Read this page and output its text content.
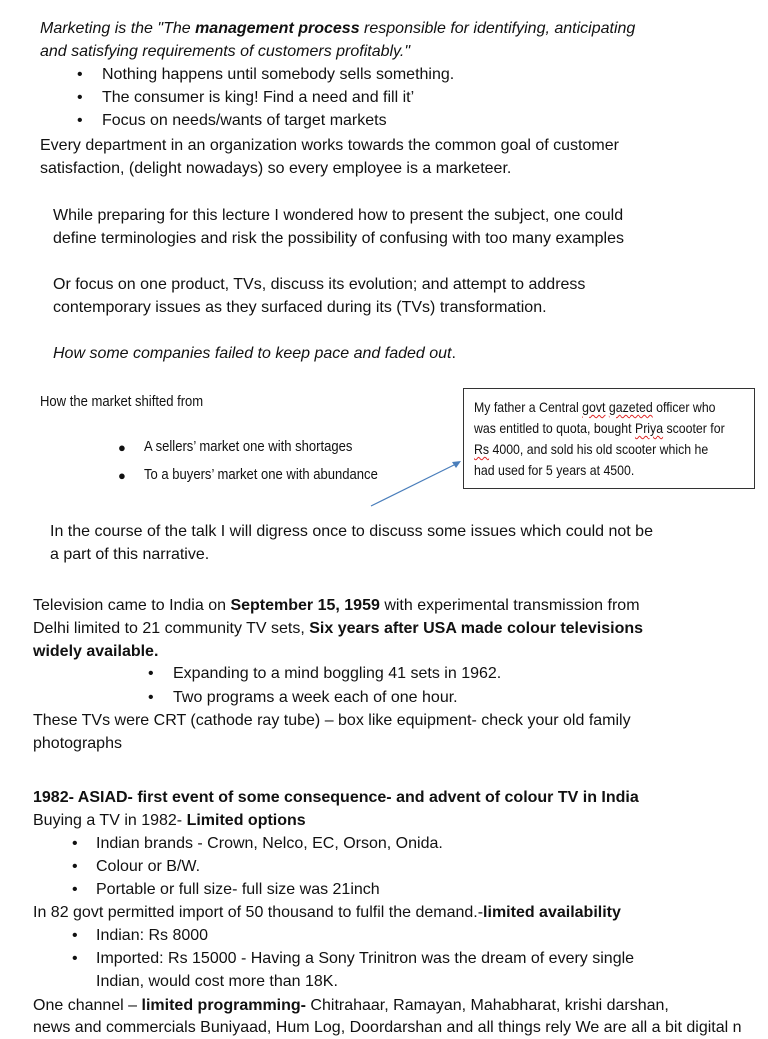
Marketing is the "The management process responsible for identifying, anticipating
and satisfying requirements of customers profitably."
• Nothing happens until somebody sells something.
• The consumer is king! Find a need and fill it’
• Focus on needs/wants of target markets
Every department in an organization works towards the common goal of customer
satisfaction, (delight nowadays) so every employee is a marketeer.
While preparing for this lecture I wondered how to present the subject, one could
define terminologies and risk the possibility of confusing with too many examples
Or focus on one product, TVs, discuss its evolution; and attempt to address
contemporary issues as they surfaced during its (TVs) transformation.
How some companies failed to keep pace and faded out.
How the market shifted from
● A sellers’ market one with shortages
● To a buyers’ market one with abundance
My father a Central govt gazeted officer who
was entitled to quota, bought Priya scooter for
Rs 4000, and sold his old scooter which he
had used for 5 years at 4500.
In the course of the talk I will digress once to discuss some issues which could not be
a part of this narrative.
Television came to India on September 15, 1959 with experimental transmission from
Delhi limited to 21 community TV sets, Six years after USA made colour televisions
widely available.
• Expanding to a mind boggling 41 sets in 1962.
• Two programs a week each of one hour.
These TVs were CRT (cathode ray tube) – box like equipment- check your old family
photographs
1982- ASIAD- first event of some consequence- and advent of colour TV in India
Buying a TV in 1982- Limited options
• Indian brands - Crown, Nelco, EC, Orson, Onida.
• Colour or B/W.
• Portable or full size- full size was 21inch
In 82 govt permitted import of 50 thousand to fulfil the demand.-limited availability
• Indian: Rs 8000
• Imported: Rs 15000 - Having a Sony Trinitron was the dream of every single
Indian, would cost more than 18K.
One channel – limited programming- Chitrahaar, Ramayan, Mahabharat, krishi darshan,
news and commercials Buniyaad, Hum Log, Doordarshan and all things rely We are all a bit digital n
